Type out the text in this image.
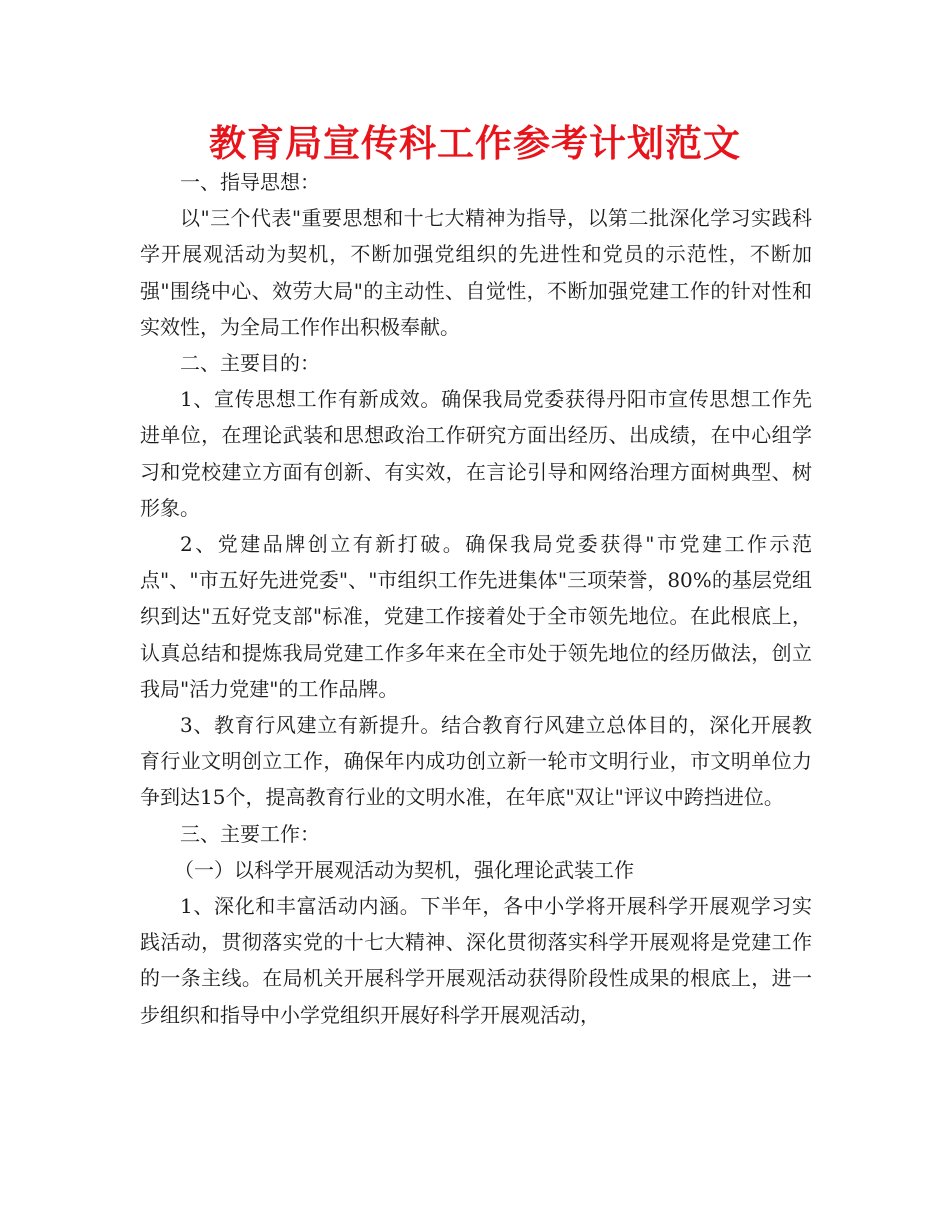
教育局宣传科工作参考计划范文

一、指导思想：

以"三个代表"重要思想和十七大精神为指导，以第二批深化学习实践科学开展观活动为契机，不断加强党组织的先进性和党员的示范性，不断加强"围绕中心、效劳大局"的主动性、自觉性，不断加强党建工作的针对性和实效性，为全局工作作出积极奉献。

二、主要目的：

1、宣传思想工作有新成效。确保我局党委获得丹阳市宣传思想工作先进单位，在理论武装和思想政治工作研究方面出经历、出成绩，在中心组学习和党校建立方面有创新、有实效，在言论引导和网络治理方面树典型、树形象。

2、党建品牌创立有新打破。确保我局党委获得"市党建工作示范点"、"市五好先进党委"、"市组织工作先进集体"三项荣誉，80%的基层党组织到达"五好党支部"标准，党建工作接着处于全市领先地位。在此根底上，认真总结和提炼我局党建工作多年来在全市处于领先地位的经历做法，创立我局"活力党建"的工作品牌。

3、教育行风建立有新提升。结合教育行风建立总体目的，深化开展教育行业文明创立工作，确保年内成功创立新一轮市文明行业，市文明单位力争到达15个，提高教育行业的文明水准，在年底"双让"评议中跨挡进位。

三、主要工作：

（一）以科学开展观活动为契机，强化理论武装工作

1、深化和丰富活动内涵。下半年，各中小学将开展科学开展观学习实践活动，贯彻落实党的十七大精神、深化贯彻落实科学开展观将是党建工作的一条主线。在局机关开展科学开展观活动获得阶段性成果的根底上，进一步组织和指导中小学党组织开展好科学开展观活动，
